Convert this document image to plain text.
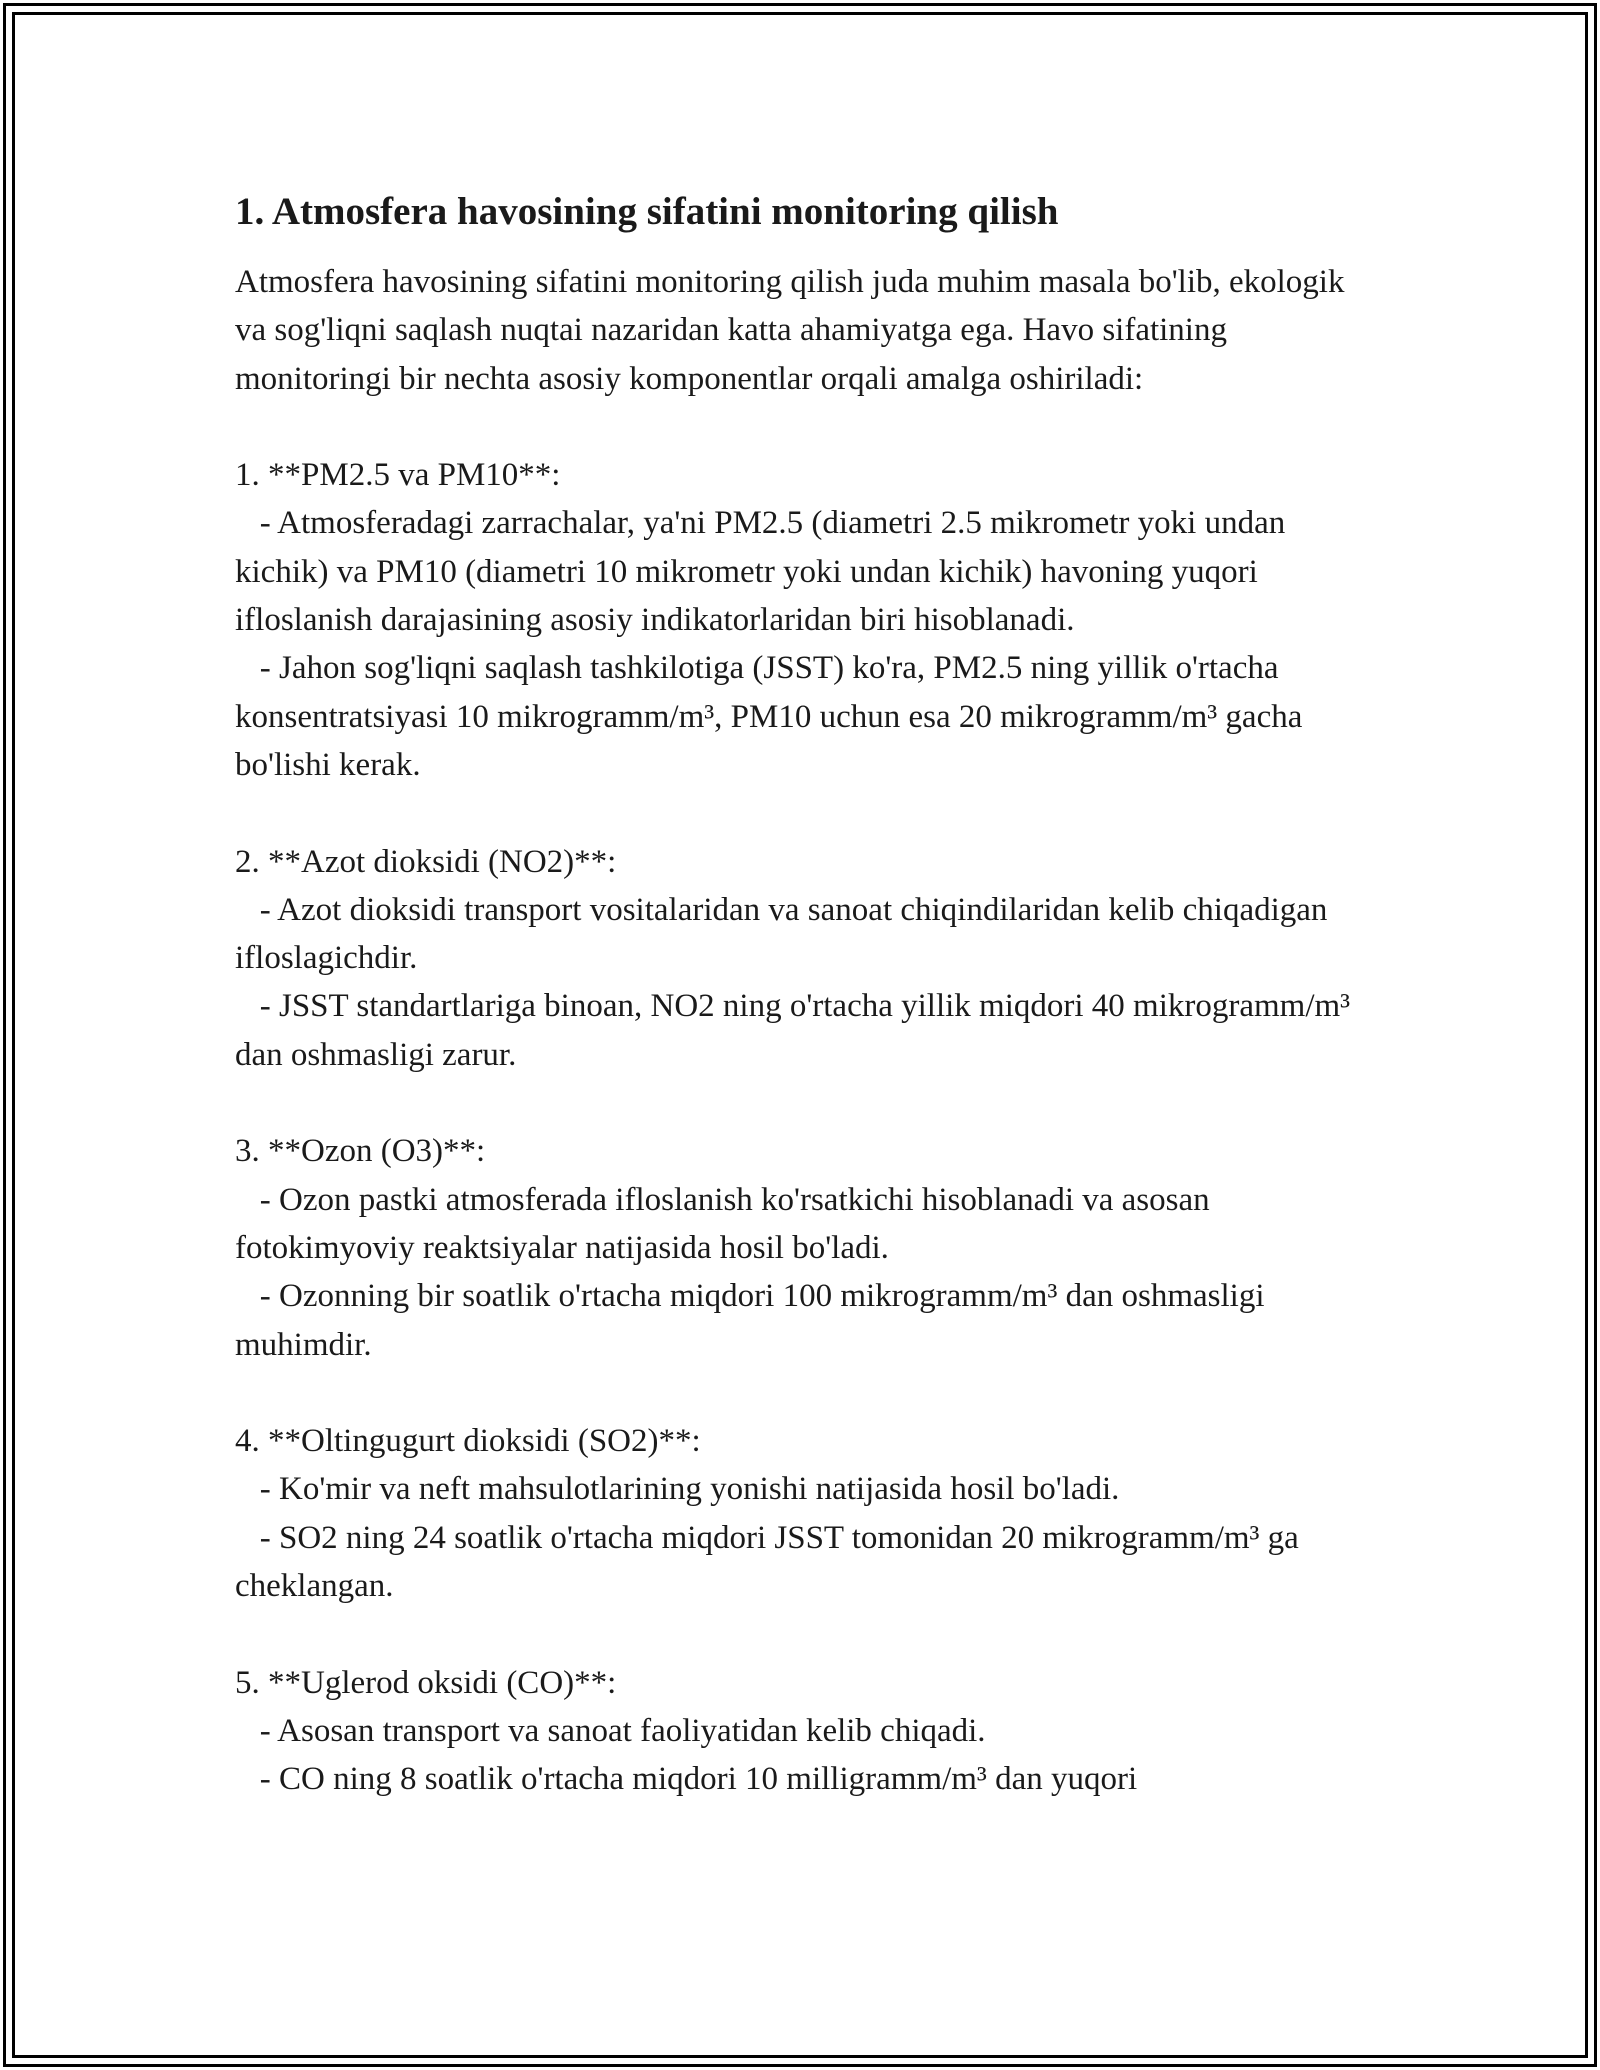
1. Atmosfera havosining sifatini monitoring qilish

Atmosfera havosining sifatini monitoring qilish juda muhim masala bo'lib, ekologik va sog'liqni saqlash nuqtai nazaridan katta ahamiyatga ega. Havo sifatining monitoringi bir nechta asosiy komponentlar orqali amalga oshiriladi:

1. **PM2.5 va PM10**:
- Atmosferadagi zarrachalar, ya'ni PM2.5 (diametri 2.5 mikrometr yoki undan kichik) va PM10 (diametri 10 mikrometr yoki undan kichik) havoning yuqori ifloslanish darajasining asosiy indikatorlaridan biri hisoblanadi.
- Jahon sog'liqni saqlash tashkilotiga (JSST) ko'ra, PM2.5 ning yillik o'rtacha konsentratsiyasi 10 mikrogramm/m³, PM10 uchun esa 20 mikrogramm/m³ gacha bo'lishi kerak.
2. **Azot dioksidi (NO2)**:
- Azot dioksidi transport vositalaridan va sanoat chiqindilaridan kelib chiqadigan ifloslagichdir.
- JSST standartlariga binoan, NO2 ning o'rtacha yillik miqdori 40 mikrogramm/m³ dan oshmasligi zarur.
3. **Ozon (O3)**:
- Ozon pastki atmosferada ifloslanish ko'rsatkichi hisoblanadi va asosan fotokimyoviy reaktsiyalar natijasida hosil bo'ladi.
- Ozonning bir soatlik o'rtacha miqdori 100 mikrogramm/m³ dan oshmasligi muhimdir.
4. **Oltingugurt dioksidi (SO2)**:
- Ko'mir va neft mahsulotlarining yonishi natijasida hosil bo'ladi.
- SO2 ning 24 soatlik o'rtacha miqdori JSST tomonidan 20 mikrogramm/m³ ga cheklangan.
5. **Uglerod oksidi (CO)**:
- Asosan transport va sanoat faoliyatidan kelib chiqadi.
- CO ning 8 soatlik o'rtacha miqdori 10 milligramm/m³ dan yuqori
